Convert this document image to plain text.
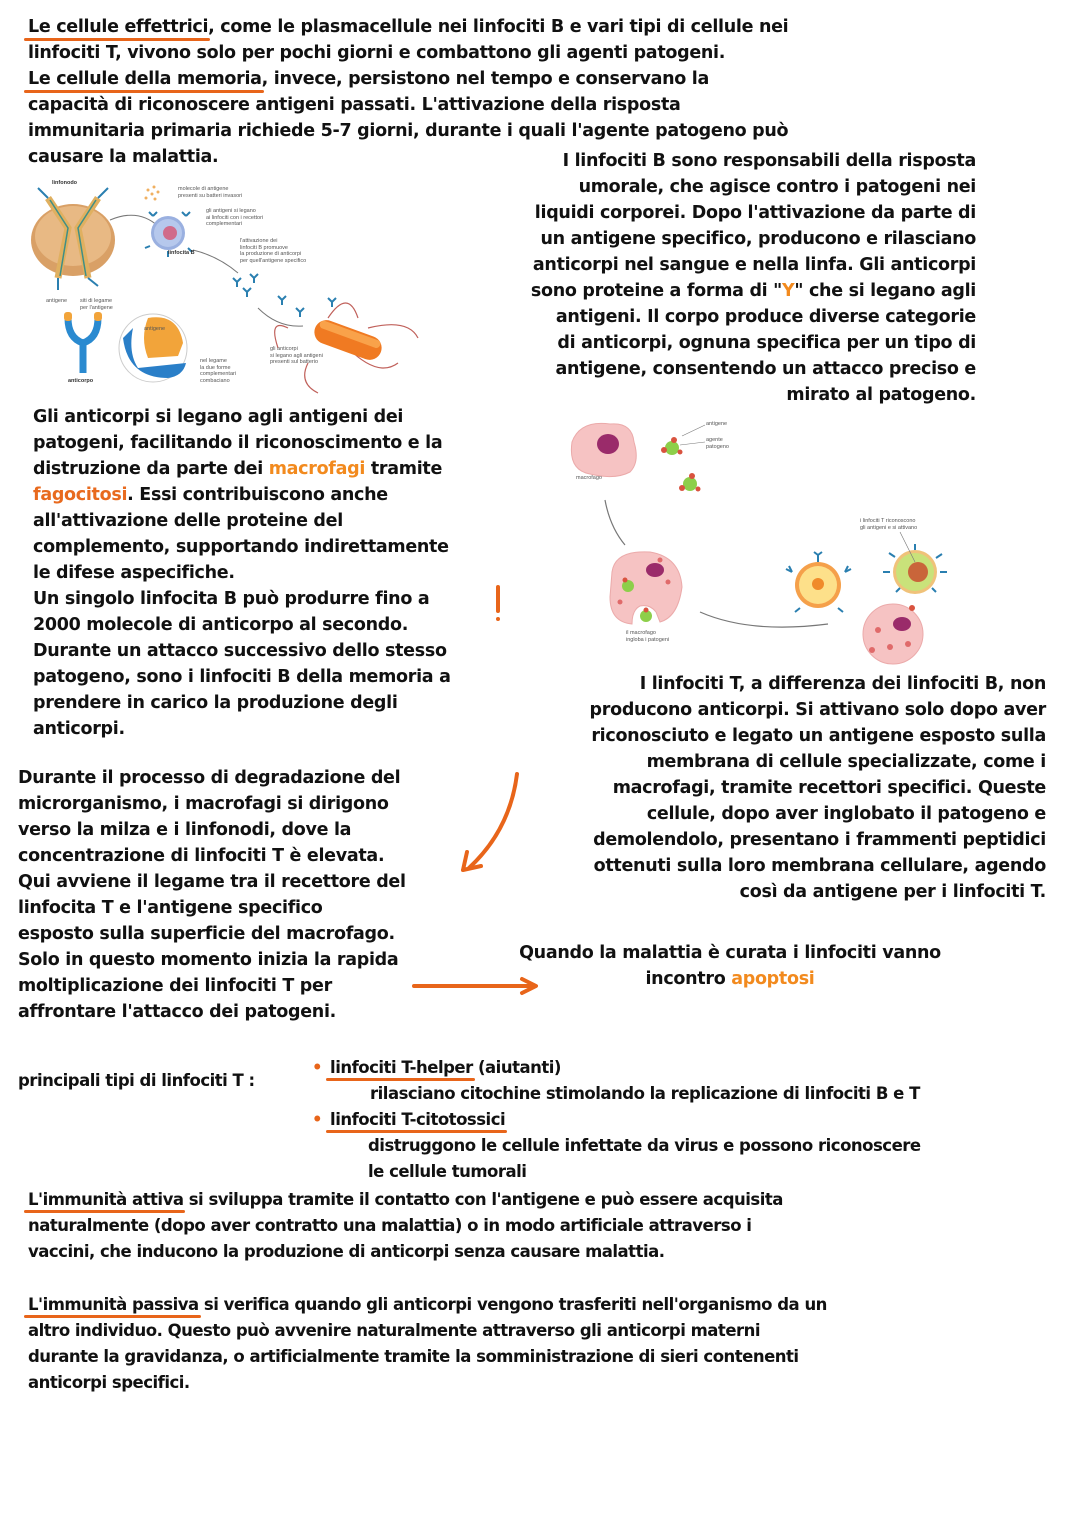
Le cellule effettrici, come le plasmacellule nei linfociti B e vari tipi di cellule nei
linfociti T, vivono solo per pochi giorni e combattono gli agenti patogeni.
Le cellule della memoria, invece, persistono nel tempo e conservano la
capacità di riconoscere antigeni passati. L'attivazione della risposta
immunitaria primaria richiede 5-7 giorni, durante i quali l'agente patogeno può
causare la malattia.
linfonodo
molecole di antigene
presenti su batteri invasori
gli antigeni si legano
ai linfociti con i recettori
complementari
linfocita B
l'attivazione dei
linfociti B promuove
la produzione di anticorpi
per quell'antigene specifico
antigene siti di legame
per l'antigene
anticorpo
antigene
nel legame
la due forme
complementari
combaciano
gli anticorpi
si legano agli antigeni
presenti sul batterio
I linfociti B sono responsabili della risposta
umorale, che agisce contro i patogeni nei
liquidi corporei. Dopo l'attivazione da parte di
un antigene specifico, producono e rilasciano
anticorpi nel sangue e nella linfa. Gli anticorpi
sono proteine a forma di "Y" che si legano agli
antigeni. Il corpo produce diverse categorie
di anticorpi, ognuna specifica per un tipo di
antigene, consentendo un attacco preciso e
mirato al patogeno.
Gli anticorpi si legano agli antigeni dei
patogeni, facilitando il riconoscimento e la
distruzione da parte dei macrofagi tramite
fagocitosi. Essi contribuiscono anche
all'attivazione delle proteine del
complemento, supportando indirettamente
le difese aspecifiche.
Un singolo linfocita B può produrre fino a
2000 molecole di anticorpo al secondo.
Durante un attacco successivo dello stesso
patogeno, sono i linfociti B della memoria a
prendere in carico la produzione degli
anticorpi.
antigene
agente
patogeno
macrofago
il macrofago
ingloba i patogeni
i linfociti T riconoscono
gli antigeni e si attivano
I linfociti T, a differenza dei linfociti B, non
producono anticorpi. Si attivano solo dopo aver
riconosciuto e legato un antigene esposto sulla
membrana di cellule specializzate, come i
macrofagi, tramite recettori specifici. Queste
cellule, dopo aver inglobato il patogeno e
demolendolo, presentano i frammenti peptidici
ottenuti sulla loro membrana cellulare, agendo
così da antigene per i linfociti T.
Durante il processo di degradazione del
microrganismo, i macrofagi si dirigono
verso la milza e i linfonodi, dove la
concentrazione di linfociti T è elevata.
Qui avviene il legame tra il recettore del
linfocita T e l'antigene specifico
esposto sulla superficie del macrofago.
Solo in questo momento inizia la rapida
moltiplicazione dei linfociti T per
affrontare l'attacco dei patogeni.
Quando la malattia è curata i linfociti vanno
incontro apoptosi
principali tipi di linfociti T :
• linfociti T-helper (aiutanti)
rilasciano citochine stimolando la replicazione di linfociti B e T
• linfociti T-citotossici
distruggono le cellule infettate da virus e possono riconoscere
le cellule tumorali
L'immunità attiva si sviluppa tramite il contatto con l'antigene e può essere acquisita
naturalmente (dopo aver contratto una malattia) o in modo artificiale attraverso i
vaccini, che inducono la produzione di anticorpi senza causare malattia.
L'immunità passiva si verifica quando gli anticorpi vengono trasferiti nell'organismo da un
altro individuo. Questo può avvenire naturalmente attraverso gli anticorpi materni
durante la gravidanza, o artificialmente tramite la somministrazione di sieri contenenti
anticorpi specifici.
